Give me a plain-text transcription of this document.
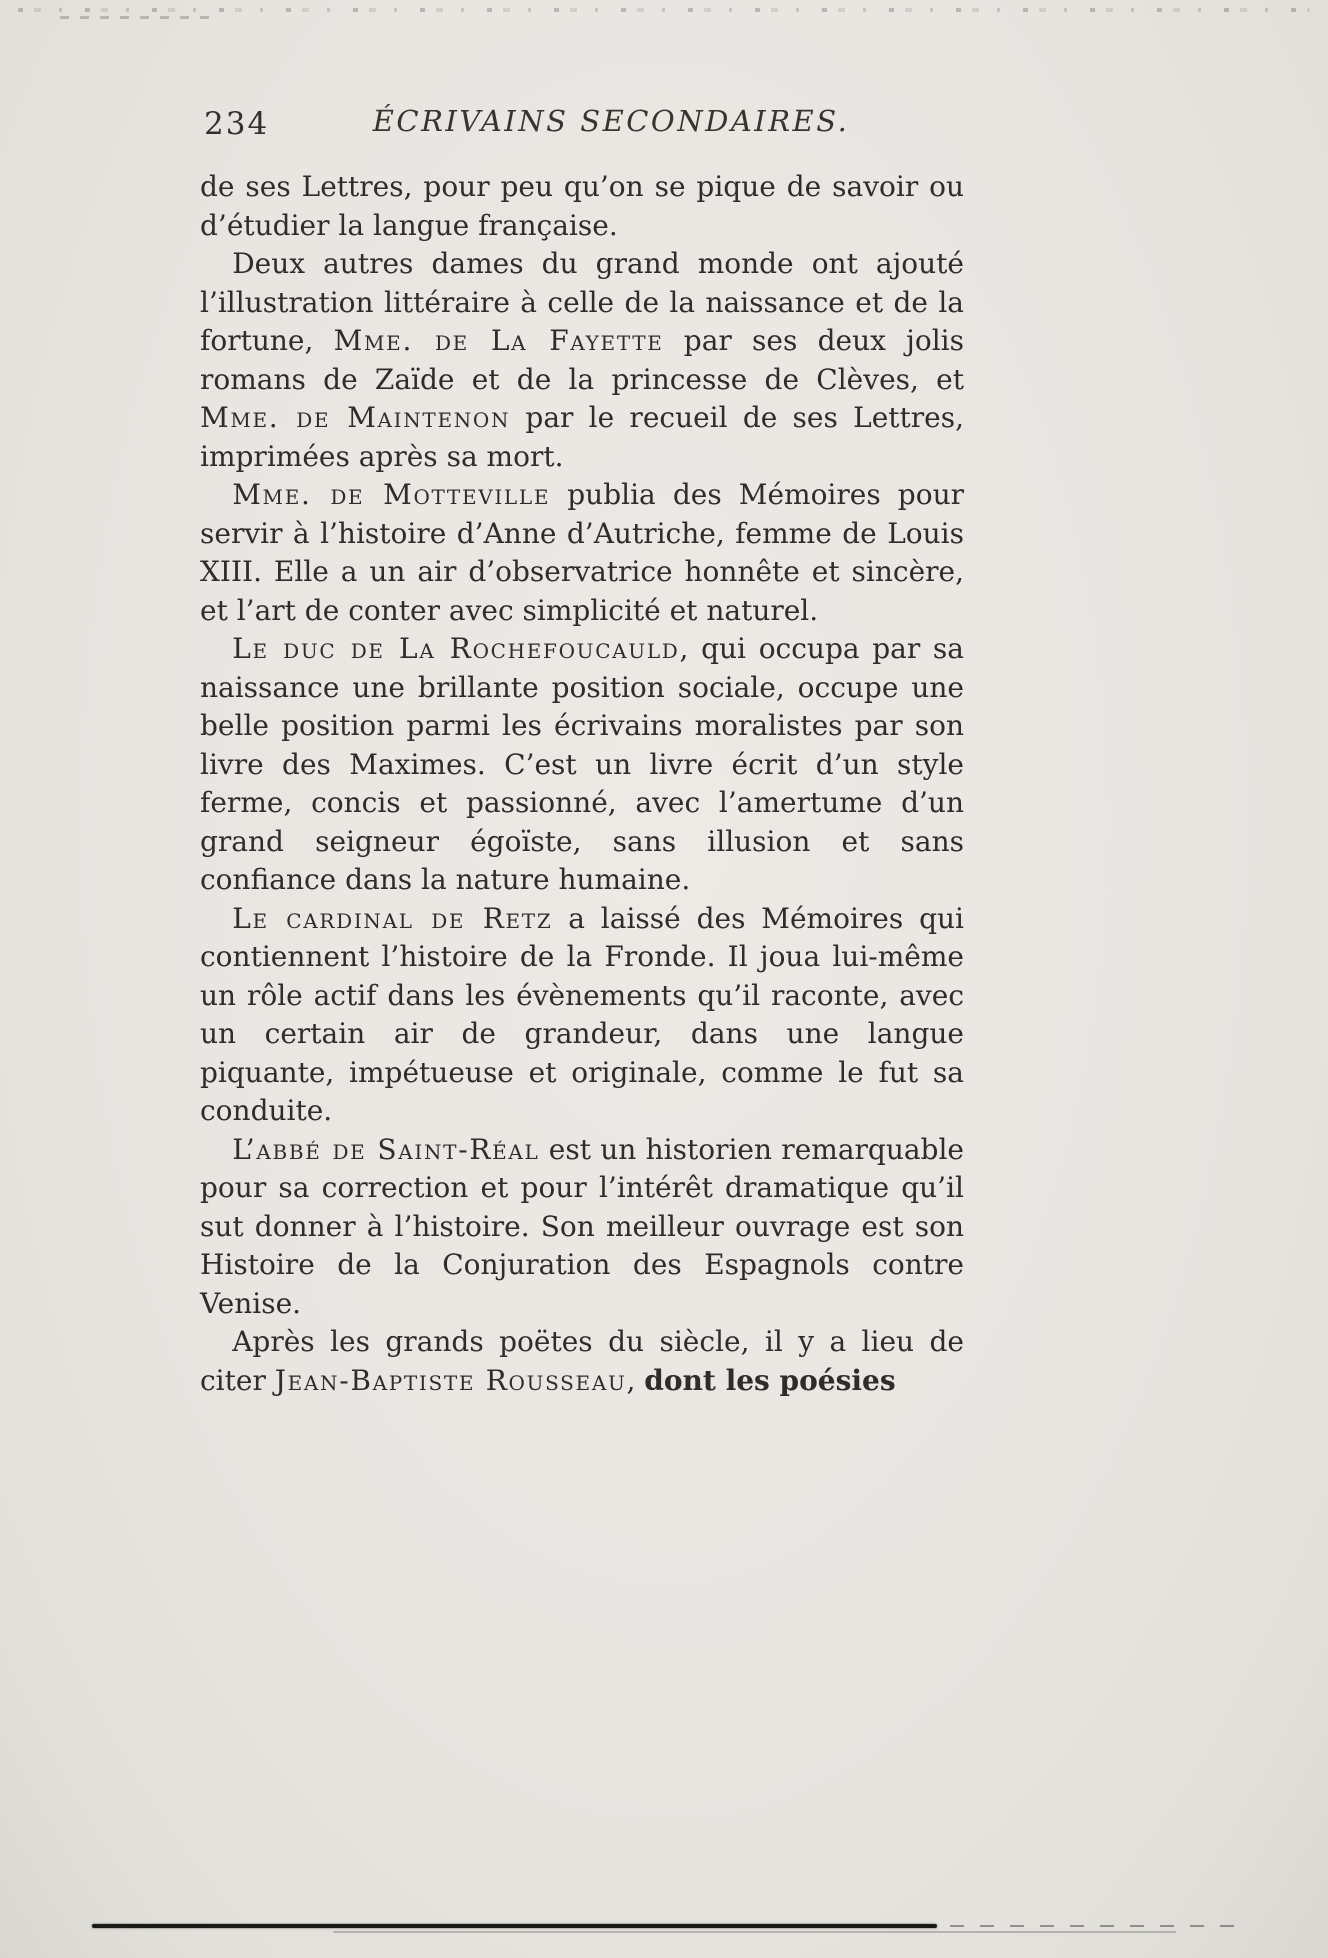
234	ÉCRIVAINS SECONDAIRES.

de ses Lettres, pour peu qu’on se pique de savoir ou d’étudier la langue française.

Deux autres dames du grand monde ont ajouté l’illustration littéraire à celle de la naissance et de la fortune, Mme. de La Fayette par ses deux jolis romans de Zaïde et de la princesse de Clèves, et Mme. de Maintenon par le recueil de ses Lettres, imprimées après sa mort.

Mme. de Motteville publia des Mémoires pour servir à l’histoire d’Anne d’Autriche, femme de Louis XIII. Elle a un air d’observatrice honnête et sincère, et l’art de conter avec simplicité et naturel.

Le duc de La Rochefoucauld, qui occupa par sa naissance une brillante position sociale, occupe une belle position parmi les écrivains moralistes par son livre des Maximes. C’est un livre écrit d’un style ferme, concis et passionné, avec l’amertume d’un grand seigneur égoïste, sans illusion et sans confiance dans la nature humaine.

Le cardinal de Retz a laissé des Mémoires qui contiennent l’histoire de la Fronde. Il joua lui-même un rôle actif dans les évènements qu’il raconte, avec un certain air de grandeur, dans une langue piquante, impétueuse et originale, comme le fut sa conduite.

L’abbé de Saint-Réal est un historien remarquable pour sa correction et pour l’intérêt dramatique qu’il sut donner à l’histoire. Son meilleur ouvrage est son Histoire de la Conjuration des Espagnols contre Venise.

Après les grands poëtes du siècle, il y a lieu de citer Jean-Baptiste Rousseau, dont les poésies
